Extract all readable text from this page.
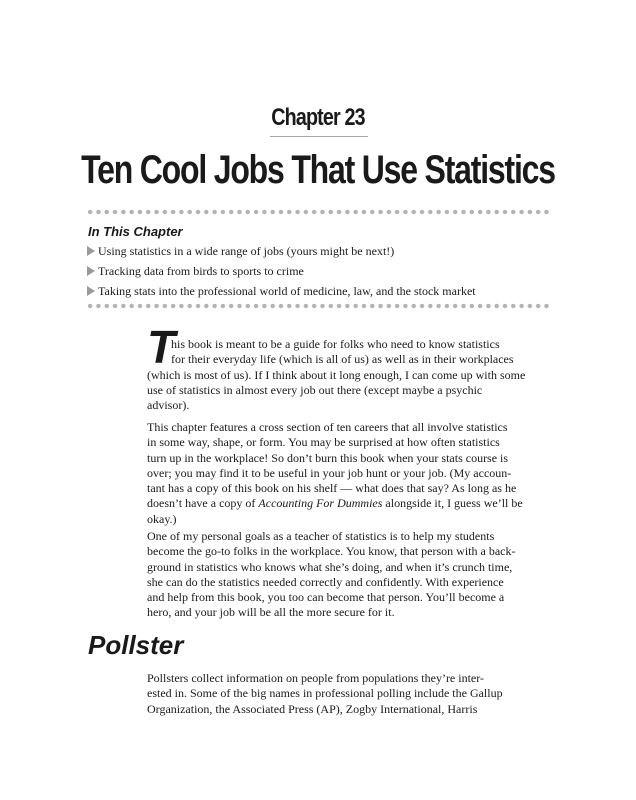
Chapter 23
Ten Cool Jobs That Use Statistics
In This Chapter
Using statistics in a wide range of jobs (yours might be next!)
Tracking data from birds to sports to crime
Taking stats into the professional world of medicine, law, and the stock market
T
his book is meant to be a guide for folks who need to know statistics
for their everyday life (which is all of us) as well as in their workplaces
(which is most of us). If I think about it long enough, I can come up with some
use of statistics in almost every job out there (except maybe a psychic
advisor).
This chapter features a cross section of ten careers that all involve statistics
in some way, shape, or form. You may be surprised at how often statistics
turn up in the workplace! So don’t burn this book when your stats course is
over; you may find it to be useful in your job hunt or your job. (My accoun-
tant has a copy of this book on his shelf — what does that say? As long as he
doesn’t have a copy of Accounting For Dummies alongside it, I guess we’ll be
okay.)
One of my personal goals as a teacher of statistics is to help my students
become the go-to folks in the workplace. You know, that person with a back-
ground in statistics who knows what she’s doing, and when it’s crunch time,
she can do the statistics needed correctly and confidently. With experience
and help from this book, you too can become that person. You’ll become a
hero, and your job will be all the more secure for it.
Pollster
Pollsters collect information on people from populations they’re inter-
ested in. Some of the big names in professional polling include the Gallup
Organization, the Associated Press (AP), Zogby International, Harris
